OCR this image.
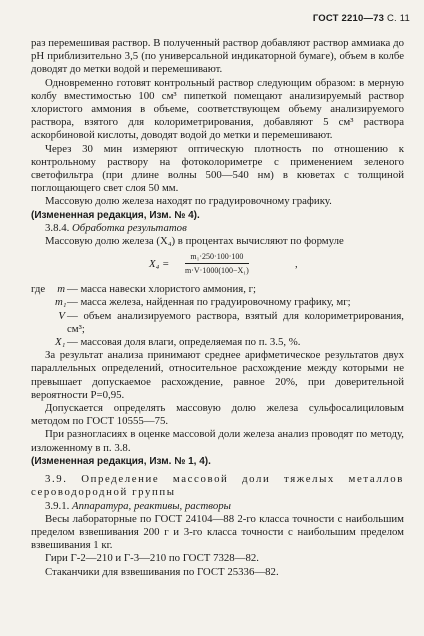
ГОСТ 2210—73 С. 11

раз перемешивая раствор. В полученный раствор добавляют раствор аммиака до pH приблизительно 3,5 (по универсальной индикаторной бумаге), объем в колбе доводят до метки водой и перемешивают.

Одновременно готовят контрольный раствор следующим образом: в мерную колбу вместимостью 100 см³ пипеткой помещают анализируемый раствор хлористого аммония в объеме, соответствующем объему анализируемого раствора, взятого для колориметрирования, добавляют 5 см³ раствора аскорбиновой кислоты, доводят водой до метки и перемешивают.

Через 30 мин измеряют оптическую плотность по отношению к контрольному раствору на фотоколориметре с применением зеленого светофильтра (при длине волны 500—540 нм) в кюветах с толщиной поглощающего свет слоя 50 мм.

Массовую долю железа находят по градуировочному графику.

(Измененная редакция, Изм. № 4).

3.8.4. Обработка результатов

Массовую долю железа (X₄) в процентах вычисляют по формуле

$X_4 = \frac{\text{m₁·250·100·100}}{\text{m·V·1000(100−X₁)}}$	,
где	m — масса навески хлористого аммония, г;
m₁ — масса железа, найденная по градуировочному графику, мг;
V — объем анализируемого раствора, взятый для колориметрирования, см³;
X₁ — массовая доля влаги, определяемая по п. 3.5, %.

За результат анализа принимают среднее арифметическое результатов двух параллельных определений, относительное расхождение между которыми не превышает допускаемое расхождение, равное 20%, при доверительной вероятности P=0,95.

Допускается определять массовую долю железа сульфосалициловым методом по ГОСТ 10555—75.

При разногласиях в оценке массовой доли железа анализ проводят по методу, изложенному в п. 3.8.

(Измененная редакция, Изм. № 1, 4).

3.9. Определение массовой доли тяжелых металлов сероводородной группы

3.9.1. Аппаратура, реактивы, растворы

Весы лабораторные по ГОСТ 24104—88 2-го класса точности с наибольшим пределом взвешивания 200 г и 3-го класса точности с наибольшим пределом взвешивания 1 кг.

Гири Г-2—210 и Г-3—210 по ГОСТ 7328—82.

Стаканчики для взвешивания по ГОСТ 25336—82.
